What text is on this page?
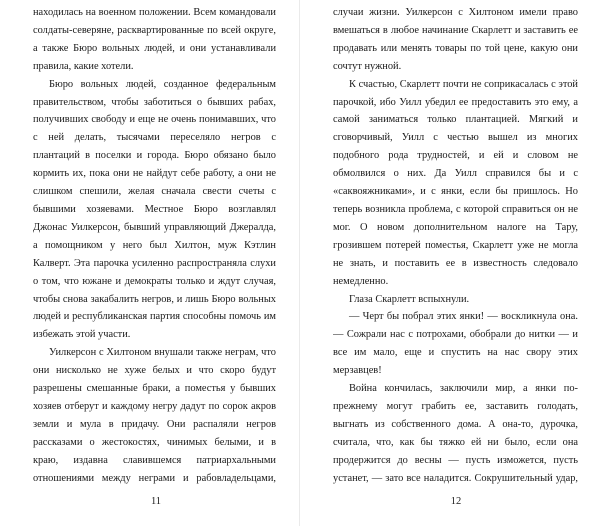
находилась на военном положении. Всем командовали солдаты-северяне, расквартированные по всей округе, а также Бюро вольных людей, и они устанавливали правила, какие хотели.

Бюро вольных людей, созданное федеральным правительством, чтобы заботиться о бывших рабах, получивших свободу и еще не очень понимавших, что с ней делать, тысячами переселяло негров с плантаций в поселки и города. Бюро обязано было кормить их, пока они не найдут себе работу, а они не слишком спешили, желая сначала свести счеты с бывшими хозяевами. Местное Бюро возглавлял Джонас Уилкерсон, бывший управляющий Джералда, а помощником у него был Хилтон, муж Кэтлин Калверт. Эта парочка усиленно распространяла слухи о том, что южане и демократы только и ждут случая, чтобы снова закабалить негров, и лишь Бюро вольных людей и республиканская партия способны помочь им избежать этой участи.

Уилкерсон с Хилтоном внушали также неграм, что они нисколько не хуже белых и что скоро будут разрешены смешанные браки, а поместья у бывших хозяев отберут и каждому негру дадут по сорок акров земли и мула в придачу. Они распаляли негров рассказами о жестокостях, чинимых белыми, и в краю, издавна славившемся патриархальными отношениями между неграми и рабовладельцами,

11

случаи жизни. Уилкерсон с Хилтоном имели право вмешаться в любое начинание Скарлетт и заставить ее продавать или менять товары по той цене, какую они сочтут нужной.

К счастью, Скарлетт почти не соприкасалась с этой парочкой, ибо Уилл убедил ее предоставить это ему, а самой заниматься только плантацией. Мягкий и сговорчивый, Уилл с честью вышел из многих подобного рода трудностей, и ей и словом не обмолвился о них. Да Уилл справился бы и с «саквояжниками», и с янки, если бы пришлось. Но теперь возникла проблема, с которой справиться он не мог. О новом дополнительном налоге на Тару, грозившем потерей поместья, Скарлетт уже не могла не знать, и поставить ее в известность следовало немедленно.

Глаза Скарлетт вспыхнули.

— Черт бы побрал этих янки! — воскликнула она. — Сожрали нас с потрохами, обобрали до нитки — и все им мало, еще и спустить на нас свору этих мерзавцев!

Война кончилась, заключили мир, а янки по-прежнему могут грабить ее, заставить голодать, выгнать из собственного дома. А она-то, дурочка, считала, что, как бы тяжко ей ни было, если она продержится до весны — пусть изможется, пусть устанет, — зато все наладится. Сокрушительный удар,

12
